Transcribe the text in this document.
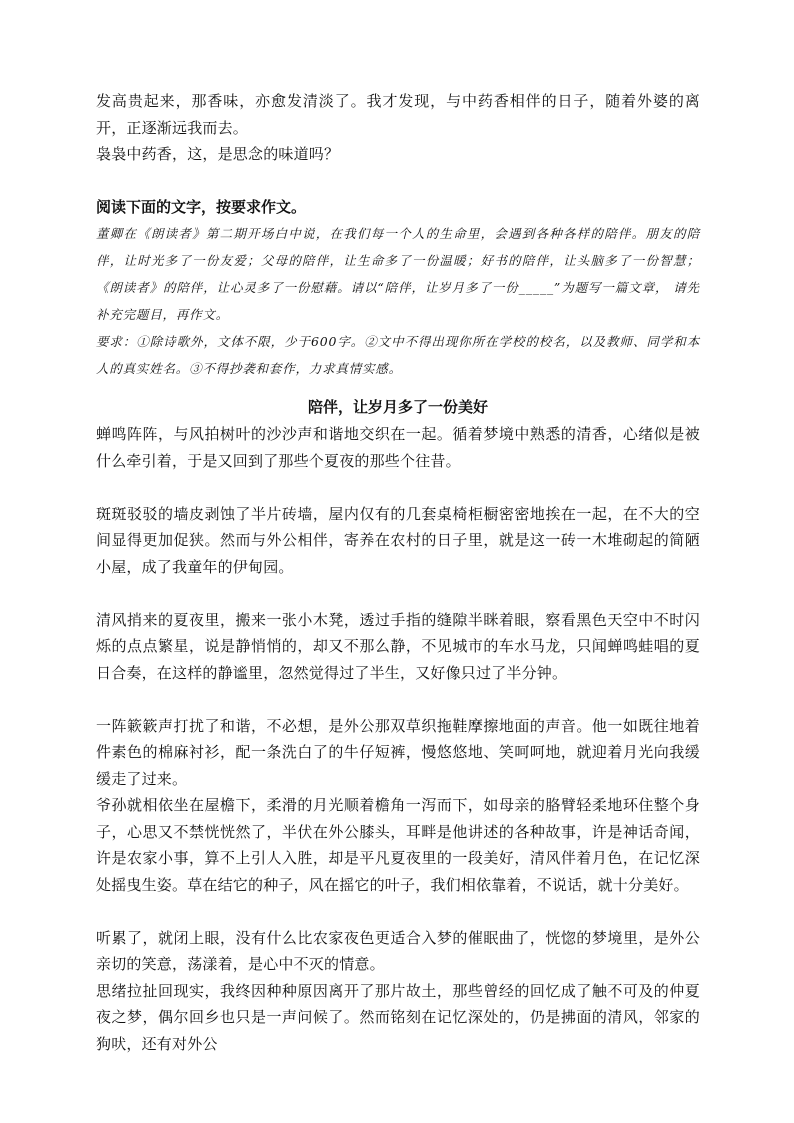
发高贵起来，那香味，亦愈发清淡了。我才发现，与中药香相伴的日子，随着外婆的离开，正逐渐远我而去。

袅袅中药香，这，是思念的味道吗？

阅读下面的文字，按要求作文。

董卿在《朗读者》第二期开场白中说，在我们每一个人的生命里，会遇到各种各样的陪伴。朋友的陪伴，让时光多了一份友爱；父母的陪伴，让生命多了一份温暖；好书的陪伴，让头脑多了一份智慧；《朗读者》的陪伴，让心灵多了一份慰藉。请以“陪伴，让岁月多了一份_____”为题写一篇文章， 请先补充完题目，再作文。

要求：①除诗歌外，文体不限，少于600字。②文中不得出现你所在学校的校名，以及教师、同学和本人的真实姓名。③不得抄袭和套作，力求真情实感。

陪伴，让岁月多了一份美好

蝉鸣阵阵，与风拍树叶的沙沙声和谐地交织在一起。循着梦境中熟悉的清香，心绪似是被什么牵引着，于是又回到了那些个夏夜的那些个往昔。

斑斑驳驳的墙皮剥蚀了半片砖墙，屋内仅有的几套桌椅柜橱密密地挨在一起，在不大的空间显得更加促狭。然而与外公相伴，寄养在农村的日子里，就是这一砖一木堆砌起的简陋小屋，成了我童年的伊甸园。

清风捎来的夏夜里，搬来一张小木凳，透过手指的缝隙半眯着眼，察看黑色天空中不时闪烁的点点繁星，说是静悄悄的，却又不那么静，不见城市的车水马龙，只闻蝉鸣蛙唱的夏日合奏，在这样的静谧里，忽然觉得过了半生，又好像只过了半分钟。

一阵簌簌声打扰了和谐，不必想，是外公那双草织拖鞋摩擦地面的声音。他一如既往地着件素色的棉麻衬衫，配一条洗白了的牛仔短裤，慢悠悠地、笑呵呵地，就迎着月光向我缓缓走了过来。

爷孙就相依坐在屋檐下，柔滑的月光顺着檐角一泻而下，如母亲的胳臂轻柔地环住整个身子，心思又不禁恍恍然了，半伏在外公膝头，耳畔是他讲述的各种故事，许是神话奇闻，许是农家小事，算不上引人入胜，却是平凡夏夜里的一段美好，清风伴着月色，在记忆深处摇曳生姿。草在结它的种子，风在摇它的叶子，我们相依靠着，不说话，就十分美好。

听累了，就闭上眼，没有什么比农家夜色更适合入梦的催眠曲了，恍惚的梦境里，是外公亲切的笑意，荡漾着，是心中不灭的情意。

思绪拉扯回现实，我终因种种原因离开了那片故土，那些曾经的回忆成了触不可及的仲夏夜之梦，偶尔回乡也只是一声问候了。然而铭刻在记忆深处的，仍是拂面的清风，邻家的狗吠，还有对外公
